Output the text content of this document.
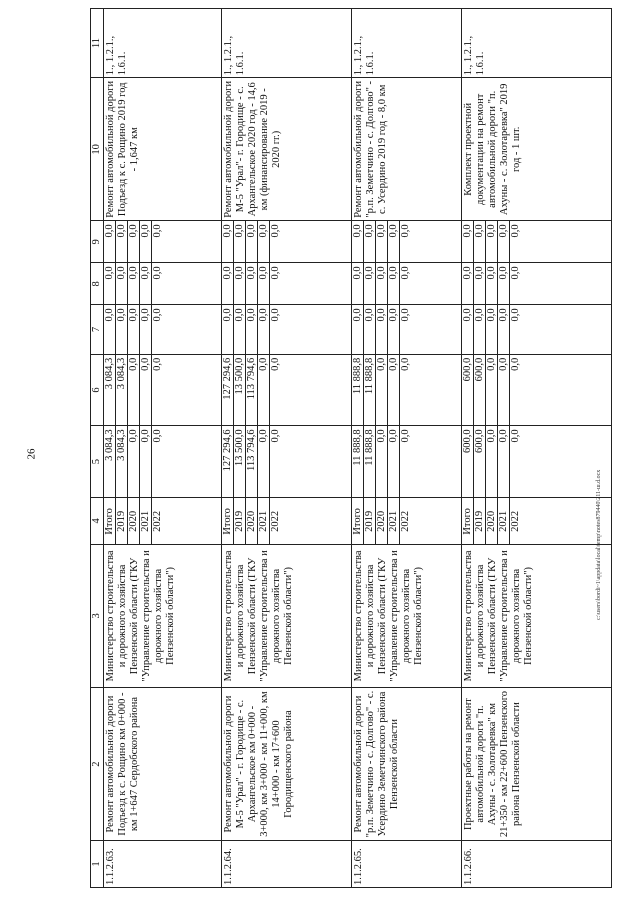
26
c:\users\bordi~1\appdata\local\temp\notes879440\211-ш.d.ocx
1	2	3	4	5	6	7	8	9	10	11
1.1.2.63.	Ремонт автомобильной дороги Подъезд к с. Рощино км 0+000 - км 1+647 Сердобского района	Министерство строительства и дорожного хозяйства Пензенской области (ГКУ "Управление строительства и дорожного хозяйства Пензенской области")	Итого 2019 2020 2021 2022	3 084,3 3 084,3 0,0 0,0 0,0	3 084,3 3 084,3 0,0 0,0 0,0	0,0 0,0 0,0 0,0 0,0	0,0 0,0 0,0 0,0 0,0	0,0 0,0 0,0 0,0 0,0	Ремонт автомобильной дороги Подъезд к с. Рощино 2019 год - 1,647 км	1., 1.2.1., 1.6.1.
1.1.2.64.	Ремонт автомобильной дороги М-5 "Урал" - г. Городище - с. Архангельское км 0+000 - 3+000, км 3+000 - км 11+000, км 14+000 - км 17+600 Городищенского района	Министерство строительства и дорожного хозяйства Пензенской области (ГКУ "Управление строительства и дорожного хозяйства Пензенской области")	Итого 2019 2020 2021 2022	127 294,6 13 500,0 113 794,6 0,0 0,0	127 294,6 13 500,0 113 794,6 0,0 0,0	0,0 0,0 0,0 0,0 0,0	0,0 0,0 0,0 0,0 0,0	0,0 0,0 0,0 0,0 0,0	Ремонт автомобильной дороги М-5 "Урал"- г. Городище - с. Архангельское 2020 год - 14,6 км (финансирование 2019 - 2020 гг.)	1., 1.2.1., 1.6.1.
1.1.2.65.	Ремонт автомобильной дороги "р.п. Земетчино - с. Долгово" - с. Усердино Земетчинского района Пензенской области	Министерство строительства и дорожного хозяйства Пензенской области (ГКУ "Управление строительства и дорожного хозяйства Пензенской области")	Итого 2019 2020 2021 2022	11 888,8 11 888,8 0,0 0,0 0,0	11 888,8 11 888,8 0,0 0,0 0,0	0,0 0,0 0,0 0,0 0,0	0,0 0,0 0,0 0,0 0,0	0,0 0,0 0,0 0,0 0,0	Ремонт автомобильной дороги "р.п. Земетчино - с. Долгово" - с. Усердино 2019 год - 8,0 км	1., 1.2.1., 1.6.1.
1.1.2.66.	Проектные работы на ремонт автомобильной дороги "п. Ахуны - с. Золотаревка" км 21+350 - км 22+600 Пензенского района Пензенской области	Министерство строительства и дорожного хозяйства Пензенской области (ГКУ "Управление строительства и дорожного хозяйства Пензенской области")	Итого 2019 2020 2021 2022	600,0 600,0 0,0 0,0 0,0	600,0 600,0 0,0 0,0 0,0	0,0 0,0 0,0 0,0 0,0	0,0 0,0 0,0 0,0 0,0	0,0 0,0 0,0 0,0 0,0	Комплект проектной документации на ремонт автомобильной дороги "п. Ахуны - с. Золотаревка" 2019 год - 1 шт.	1., 1.2.1., 1.6.1.
